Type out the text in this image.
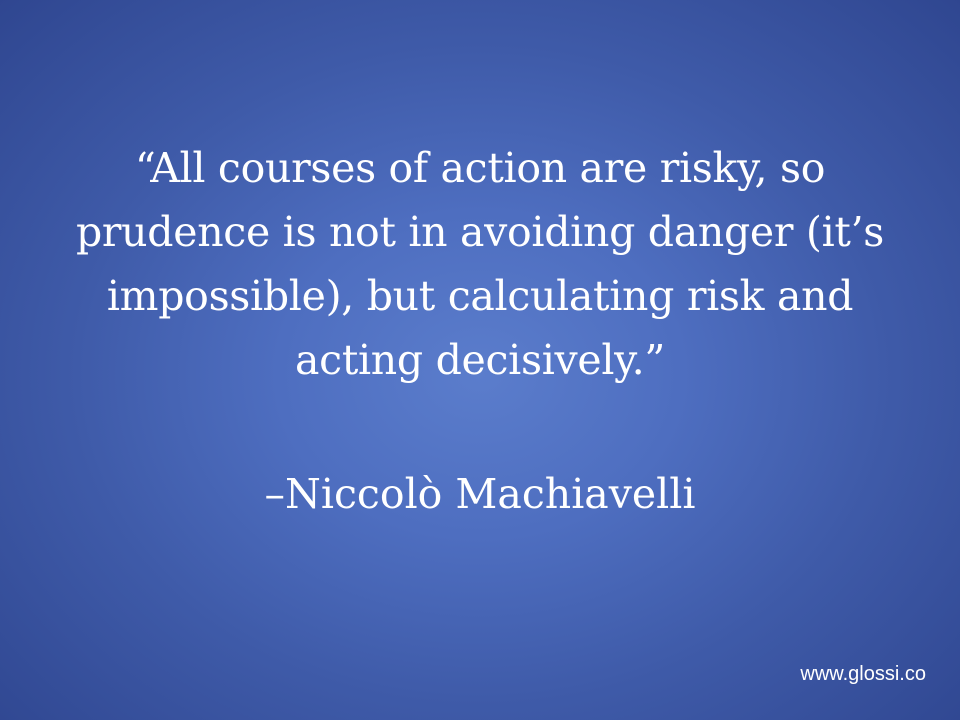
“All courses of action are risky, so
prudence is not in avoiding danger (it’s
impossible), but calculating risk and
acting decisively.”
–Niccolò Machiavelli
www.glossi.co
